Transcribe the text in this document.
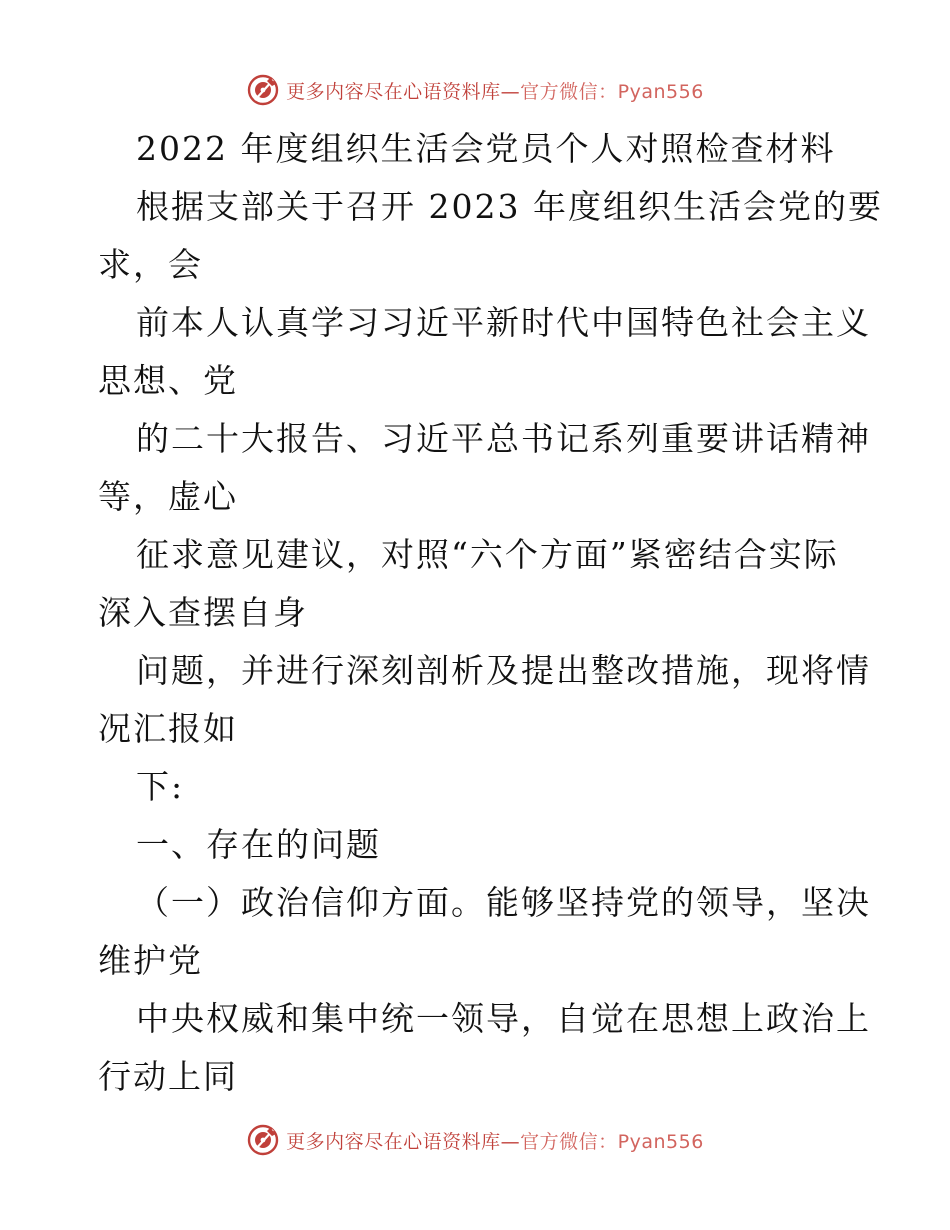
更多内容尽在心语资料库—官方微信：Pyan556
2022 年度组织生活会党员个人对照检查材料
根据支部关于召开 2023 年度组织生活会党的要
求，会
前本人认真学习习近平新时代中国特色社会主义
思想、党
的二十大报告、习近平总书记系列重要讲话精神
等，虚心
征求意见建议，对照“六个方面”紧密结合实际
深入查摆自身
问题，并进行深刻剖析及提出整改措施，现将情
况汇报如
下:
一、存在的问题
（一）政治信仰方面。能够坚持党的领导，坚决
维护党
中央权威和集中统一领导，自觉在思想上政治上
行动上同
更多内容尽在心语资料库—官方微信：Pyan556
